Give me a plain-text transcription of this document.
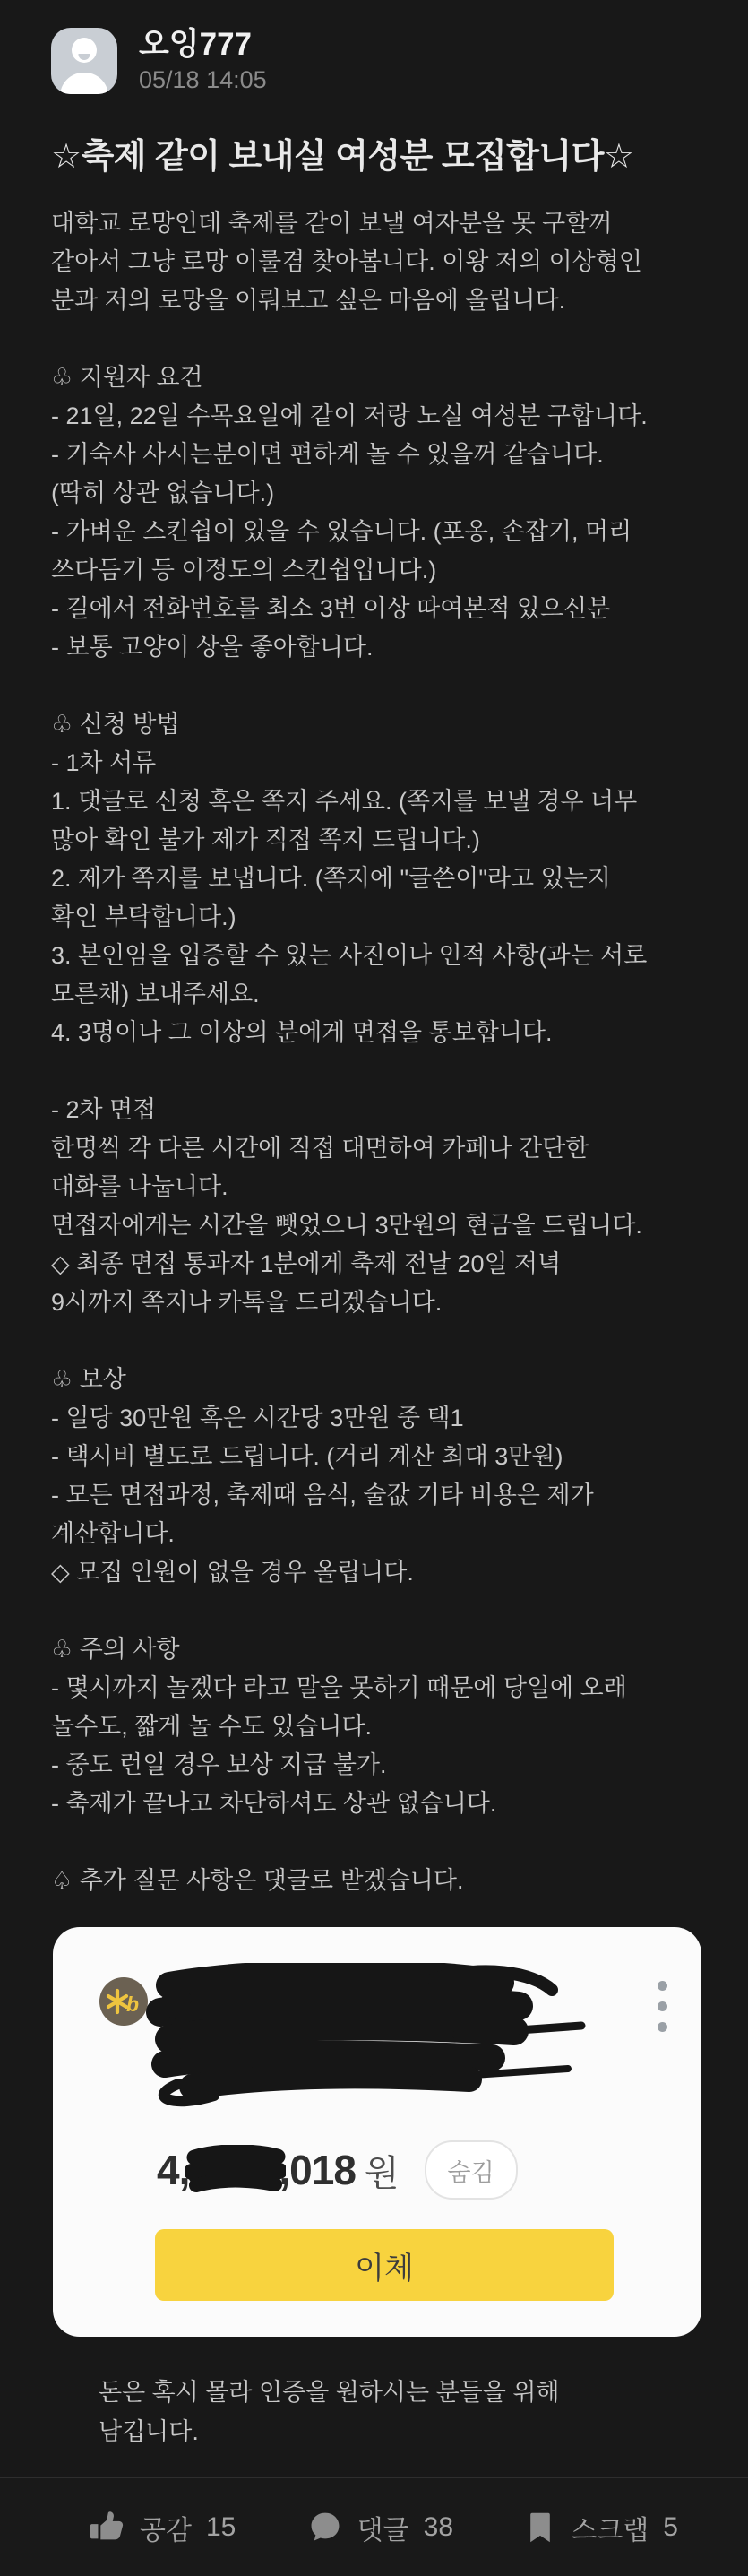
오잉777
05/18 14:05
☆축제 같이 보내실 여성분 모집합니다☆
대학교 로망인데 축제를 같이 보낼 여자분을 못 구할꺼
같아서 그냥 로망 이룰겸 찾아봅니다. 이왕 저의 이상형인
분과 저의 로망을 이뤄보고 싶은 마음에 올립니다.

♧ 지원자 요건
- 21일, 22일 수목요일에 같이 저랑 노실 여성분 구합니다.
- 기숙사 사시는분이면 편하게 놀 수 있을꺼 같습니다.
(딱히 상관 없습니다.)
- 가벼운 스킨쉽이 있을 수 있습니다. (포옹, 손잡기, 머리
쓰다듬기 등 이정도의 스킨쉽입니다.)
- 길에서 전화번호를 최소 3번 이상 따여본적 있으신분
- 보통 고양이 상을 좋아합니다.

♧ 신청 방법
- 1차 서류
1. 댓글로 신청 혹은 쪽지 주세요. (쪽지를 보낼 경우 너무
많아 확인 불가 제가 직접 쪽지 드립니다.)
2. 제가 쪽지를 보냅니다. (쪽지에 "글쓴이"라고 있는지
확인 부탁합니다.)
3. 본인임을 입증할 수 있는 사진이나 인적 사항(과는 서로
모른채) 보내주세요.
4. 3명이나 그 이상의 분에게 면접을 통보합니다.

- 2차 면접
한명씩 각 다른 시간에 직접 대면하여 카페나 간단한
대화를 나눕니다.
면접자에게는 시간을 뺏었으니 3만원의 현금을 드립니다.
◇ 최종 면접 통과자 1분에게 축제 전날 20일 저녁
9시까지 쪽지나 카톡을 드리겠습니다.

♧ 보상
- 일당 30만원 혹은 시간당 3만원 중 택1
- 택시비 별도로 드립니다. (거리 계산 최대 3만원)
- 모든 면접과정, 축제때 음식, 술값 기타 비용은 제가
계산합니다.
◇ 모집 인원이 없을 경우 올립니다.

♧ 주의 사항
- 몇시까지 놀겠다 라고 말을 못하기 때문에 당일에 오래
놀수도, 짧게 놀 수도 있습니다.
- 중도 런일 경우 보상 지급 불가.
- 축제가 끝나고 차단하셔도 상관 없습니다.

♤ 추가 질문 사항은 댓글로 받겠습니다.
b
4, ,018 원	숨김
이체
돈은 혹시 몰라 인증을 원하시는 분들을 위해
남깁니다.
공감 15	댓글 38	스크랩 5
